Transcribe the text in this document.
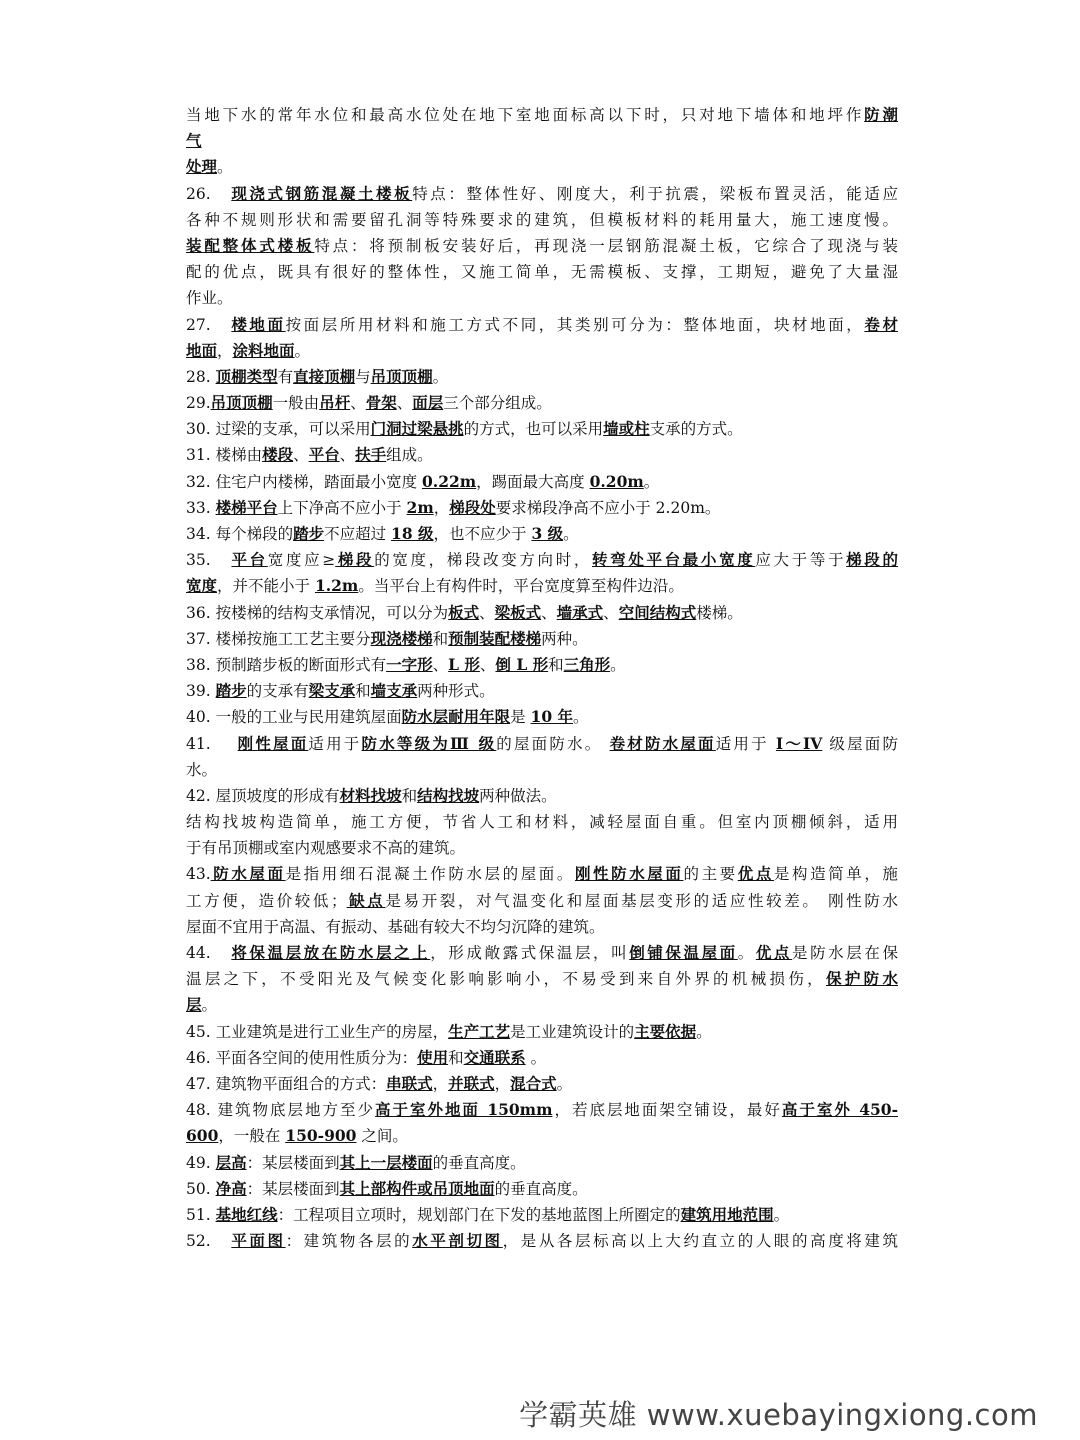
当地下水的常年水位和最高水位处在地下室地面标高以下时，只对地下墙体和地坪作防潮
气
处理。
26.　现浇式钢筋混凝土楼板特点：整体性好、刚度大，利于抗震，梁板布置灵活，能适应
各种不规则形状和需要留孔洞等特殊要求的建筑，但模板材料的耗用量大，施工速度慢。
装配整体式楼板特点：将预制板安装好后，再现浇一层钢筋混凝土板，它综合了现浇与装
配的优点，既具有很好的整体性，又施工简单，无需模板、支撑，工期短，避免了大量湿
作业。
27.　楼地面按面层所用材料和施工方式不同，其类别可分为：整体地面，块材地面，卷材
地面，涂料地面。
28. 顶棚类型有直接顶棚与吊顶顶棚。
29.吊顶顶棚一般由吊杆、骨架、面层三个部分组成。
30. 过梁的支承，可以采用门洞过梁悬挑的方式，也可以采用墙或柱支承的方式。
31. 楼梯由楼段、平台、扶手组成。
32. 住宅户内楼梯，踏面最小宽度 0.22m，踢面最大高度 0.20m。
33. 楼梯平台上下净高不应小于 2m，梯段处要求梯段净高不应小于 2.20m。
34. 每个梯段的踏步不应超过 18 级，也不应少于 3 级。
35.　平台宽度应≥梯段的宽度，梯段改变方向时，转弯处平台最小宽度应大于等于梯段的
宽度，并不能小于 1.2m。当平台上有构件时，平台宽度算至构件边沿。
36. 按楼梯的结构支承情况，可以分为板式、梁板式、墙承式、空间结构式楼梯。
37. 楼梯按施工工艺主要分现浇楼梯和预制装配楼梯两种。
38. 预制踏步板的断面形式有一字形、L 形、倒 L 形和三角形。
39. 踏步的支承有梁支承和墙支承两种形式。
40. 一般的工业与民用建筑屋面防水层耐用年限是 10 年。
41.　 刚性屋面适用于防水等级为Ⅲ 级的屋面防水。 卷材防水屋面适用于 I～IV 级屋面防
水。
42. 屋顶坡度的形成有材料找坡和结构找坡两种做法。
结构找坡构造简单，施工方便，节省人工和材料，减轻屋面自重。但室内顶棚倾斜，适用
于有吊顶棚或室内观感要求不高的建筑。
43.防水屋面是指用细石混凝土作防水层的屋面。刚性防水屋面的主要优点是构造简单，施
工方便，造价较低；缺点是易开裂，对气温变化和屋面基层变形的适应性较差。 刚性防水
屋面不宜用于高温、有振动、基础有较大不均匀沉降的建筑。
44.　将保温层放在防水层之上，形成敞露式保温层，叫倒铺保温屋面。优点是防水层在保
温层之下，不受阳光及气候变化影响影响小，不易受到来自外界的机械损伤，保护防水
层。
45. 工业建筑是进行工业生产的房屋，生产工艺是工业建筑设计的主要依据。
46. 平面各空间的使用性质分为：使用和交通联系 。
47. 建筑物平面组合的方式：串联式，并联式，混合式。
48. 建筑物底层地方至少高于室外地面 150mm，若底层地面架空铺设，最好高于室外 450-
600，一般在 150-900 之间。
49. 层高：某层楼面到其上一层楼面的垂直高度。
50. 净高：某层楼面到其上部构件或吊顶地面的垂直高度。
51. 基地红线：工程项目立项时，规划部门在下发的基地蓝图上所圈定的建筑用地范围。
52.　平面图：建筑物各层的水平剖切图，是从各层标高以上大约直立的人眼的高度将建筑
学霸英雄 www.xuebayingxiong.com
